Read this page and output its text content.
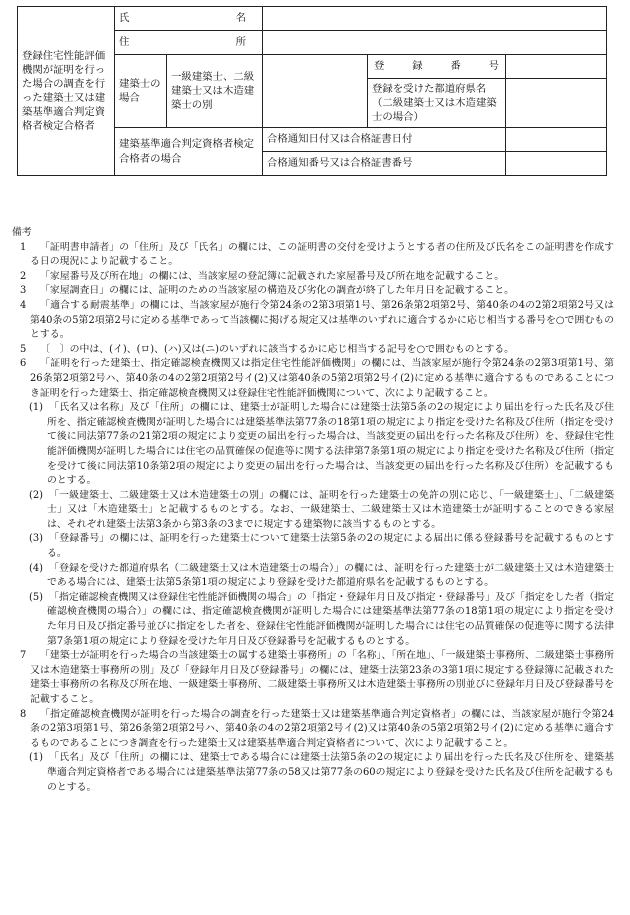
登録住宅性能評価機関が証明を行った場合の調査を行った建築士又は建築基準適合判定資格者検定合格者	氏 名				

	住 所				

	建築士の場合	一級建築士、二級建築士又は木造建築士の別		登 録 番 号	

				登録を受けた都道府県名（二級建築士又は木造建築士の場合）	
	建築基準適合判定資格者検定合格者の場合		合格通知日付又は合格証書日付		
			合格通知番号又は合格証書番号		

備考

1 「証明書申請者」の「住所」及び「氏名」の欄には、この証明書の交付を受けようとする者の住所及び氏名をこの証明書を作成する日の現況により記載すること。

2 「家屋番号及び所在地」の欄には、当該家屋の登記簿に記載された家屋番号及び所在地を記載すること。

3 「家屋調査日」の欄には、証明のための当該家屋の構造及び劣化の調査が終了した年月日を記載すること。

4 「適合する耐震基準」の欄には、当該家屋が施行令第24条の2第3項第1号、第26条第2項第2号、第40条の4の2第2項第2号又は第40条の5第2項第2号に定める基準であって当該欄に掲げる規定又は基準のいずれに適合するかに応じ相当する番号を○で囲むものとする。

5 〔　〕の中は、(イ)、(ロ)、(ハ)又は(ニ)のいずれに該当するかに応じ相当する記号を○で囲むものとする。

6 「証明を行った建築士、指定確認検査機関又は指定住宅性能評価機関」の欄には、当該家屋が施行令第24条の2第3項第1号、第26条第2項第2号ハ、第40条の4の2第2項第2号イ(2)又は第40条の5第2項第2号イ(2)に定める基準に適合するものであることにつき証明を行った建築士、指定確認検査機関又は登録住宅性能評価機関について、次により記載すること。

(1) 「氏名又は名称」及び「住所」の欄には、建築士が証明した場合には建築士法第5条の2の規定により届出を行った氏名及び住所を、指定確認検査機関が証明した場合には建築基準法第77条の18第1項の規定により指定を受けた名称及び住所（指定を受けて後に同法第77条の21第2項の規定により変更の届出を行った場合は、当該変更の届出を行った名称及び住所）を、登録住宅性能評価機関が証明した場合には住宅の品質確保の促進等に関する法律第7条第1項の規定により指定を受けた名称及び住所（指定を受けて後に同法第10条第2項の規定により変更の届出を行った場合は、当該変更の届出を行った名称及び住所）を記載するものとする。

(2) 「一級建築士、二級建築士又は木造建築士の別」の欄には、証明を行った建築士の免許の別に応じ、「一級建築士」、「二級建築士」又は「木造建築士」と記載するものとする。なお、一級建築士、二級建築士又は木造建築士が証明することのできる家屋は、それぞれ建築士法第3条から第3条の3までに規定する建築物に該当するものとする。

(3) 「登録番号」の欄には、証明を行った建築士について建築士法第5条の2の規定による届出に係る登録番号を記載するものとする。

(4) 「登録を受けた都道府県名（二級建築士又は木造建築士の場合）」の欄には、証明を行った建築士が二級建築士又は木造建築士である場合には、建築士法第5条第1項の規定により登録を受けた都道府県名を記載するものとする。

(5) 「指定確認検査機関又は登録住宅性能評価機関の場合」の「指定・登録年月日及び指定・登録番号」及び「指定をした者（指定確認検査機関の場合）」の欄には、指定確認検査機関が証明した場合には建築基準法第77条の18第1項の規定により指定を受けた年月日及び指定番号並びに指定をした者を、登録住宅性能評価機関が証明した場合には住宅の品質確保の促進等に関する法律第7条第1項の規定により登録を受けた年月日及び登録番号を記載するものとする。

7 「建築士が証明を行った場合の当該建築士の属する建築士事務所」の「名称」、「所在地」、「一級建築士事務所、二級建築士事務所又は木造建築士事務所の別」及び「登録年月日及び登録番号」の欄には、建築士法第23条の3第1項に規定する登録簿に記載された建築士事務所の名称及び所在地、一級建築士事務所、二級建築士事務所又は木造建築士事務所の別並びに登録年月日及び登録番号を記載すること。

8 「指定確認検査機関が証明を行った場合の調査を行った建築士又は建築基準適合判定資格者」の欄には、当該家屋が施行令第24条の2第3項第1号、第26条第2項第2号ハ、第40条の4の2第2項第2号イ(2)又は第40条の5第2項第2号イ(2)に定める基準に適合するものであることにつき調査を行った建築士又は建築基準適合判定資格者について、次により記載すること。

(1) 「氏名」及び「住所」の欄には、建築士である場合には建築士法第5条の2の規定により届出を行った氏名及び住所を、建築基準適合判定資格者である場合には建築基準法第77条の58又は第77条の60の規定により登録を受けた氏名及び住所を記載するものとする。
